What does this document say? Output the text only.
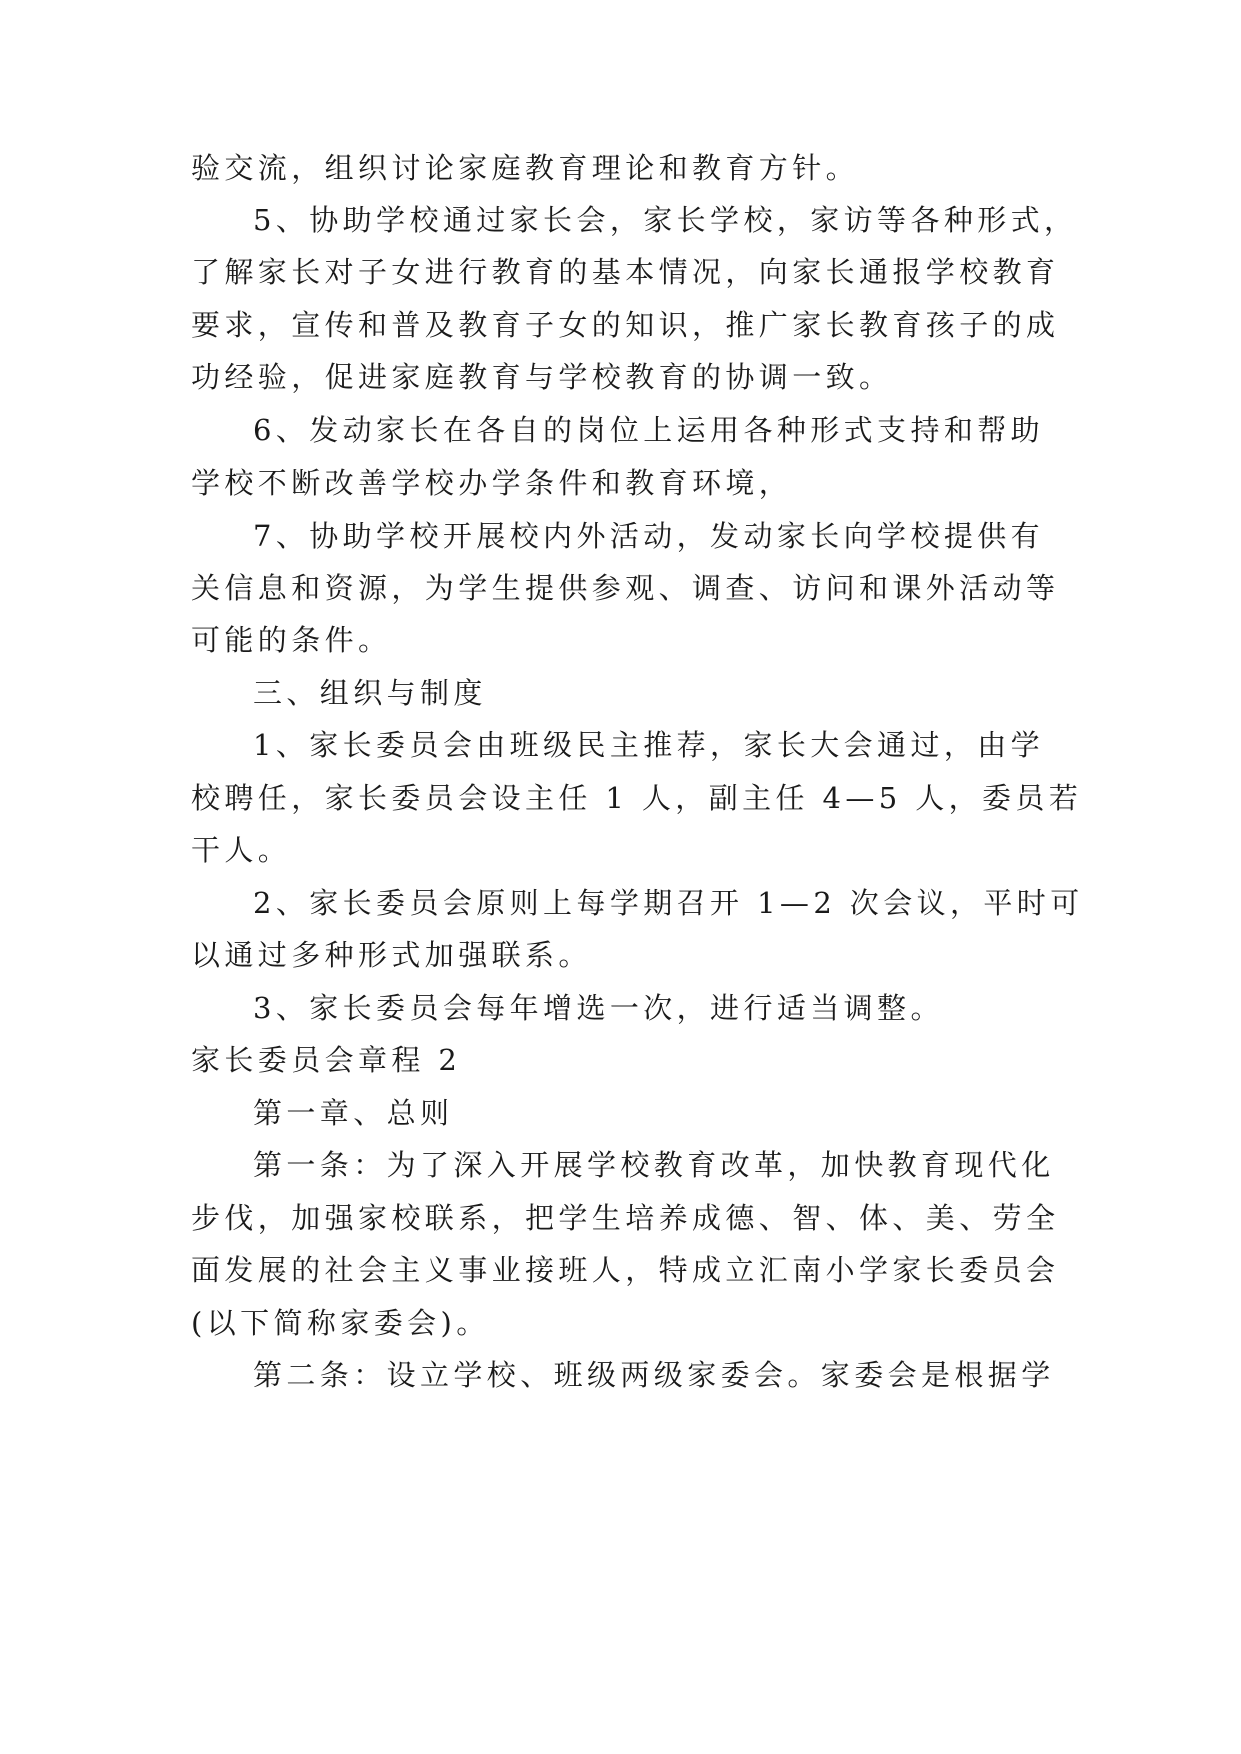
验交流，组织讨论家庭教育理论和教育方针。
5、协助学校通过家长会，家长学校，家访等各种形式，
了解家长对子女进行教育的基本情况，向家长通报学校教育
要求，宣传和普及教育子女的知识，推广家长教育孩子的成
功经验，促进家庭教育与学校教育的协调一致。
6、发动家长在各自的岗位上运用各种形式支持和帮助
学校不断改善学校办学条件和教育环境，
7、协助学校开展校内外活动，发动家长向学校提供有
关信息和资源，为学生提供参观、调查、访问和课外活动等
可能的条件。
三、组织与制度
1、家长委员会由班级民主推荐，家长大会通过，由学
校聘任，家长委员会设主任 1 人，副主任 4—5 人，委员若
干人。
2、家长委员会原则上每学期召开 1—2 次会议，平时可
以通过多种形式加强联系。
3、家长委员会每年增选一次，进行适当调整。
家长委员会章程 2
第一章、总则
第一条：为了深入开展学校教育改革，加快教育现代化
步伐，加强家校联系，把学生培养成德、智、体、美、劳全
面发展的社会主义事业接班人，特成立汇南小学家长委员会
(以下简称家委会)。
第二条：设立学校、班级两级家委会。家委会是根据学
